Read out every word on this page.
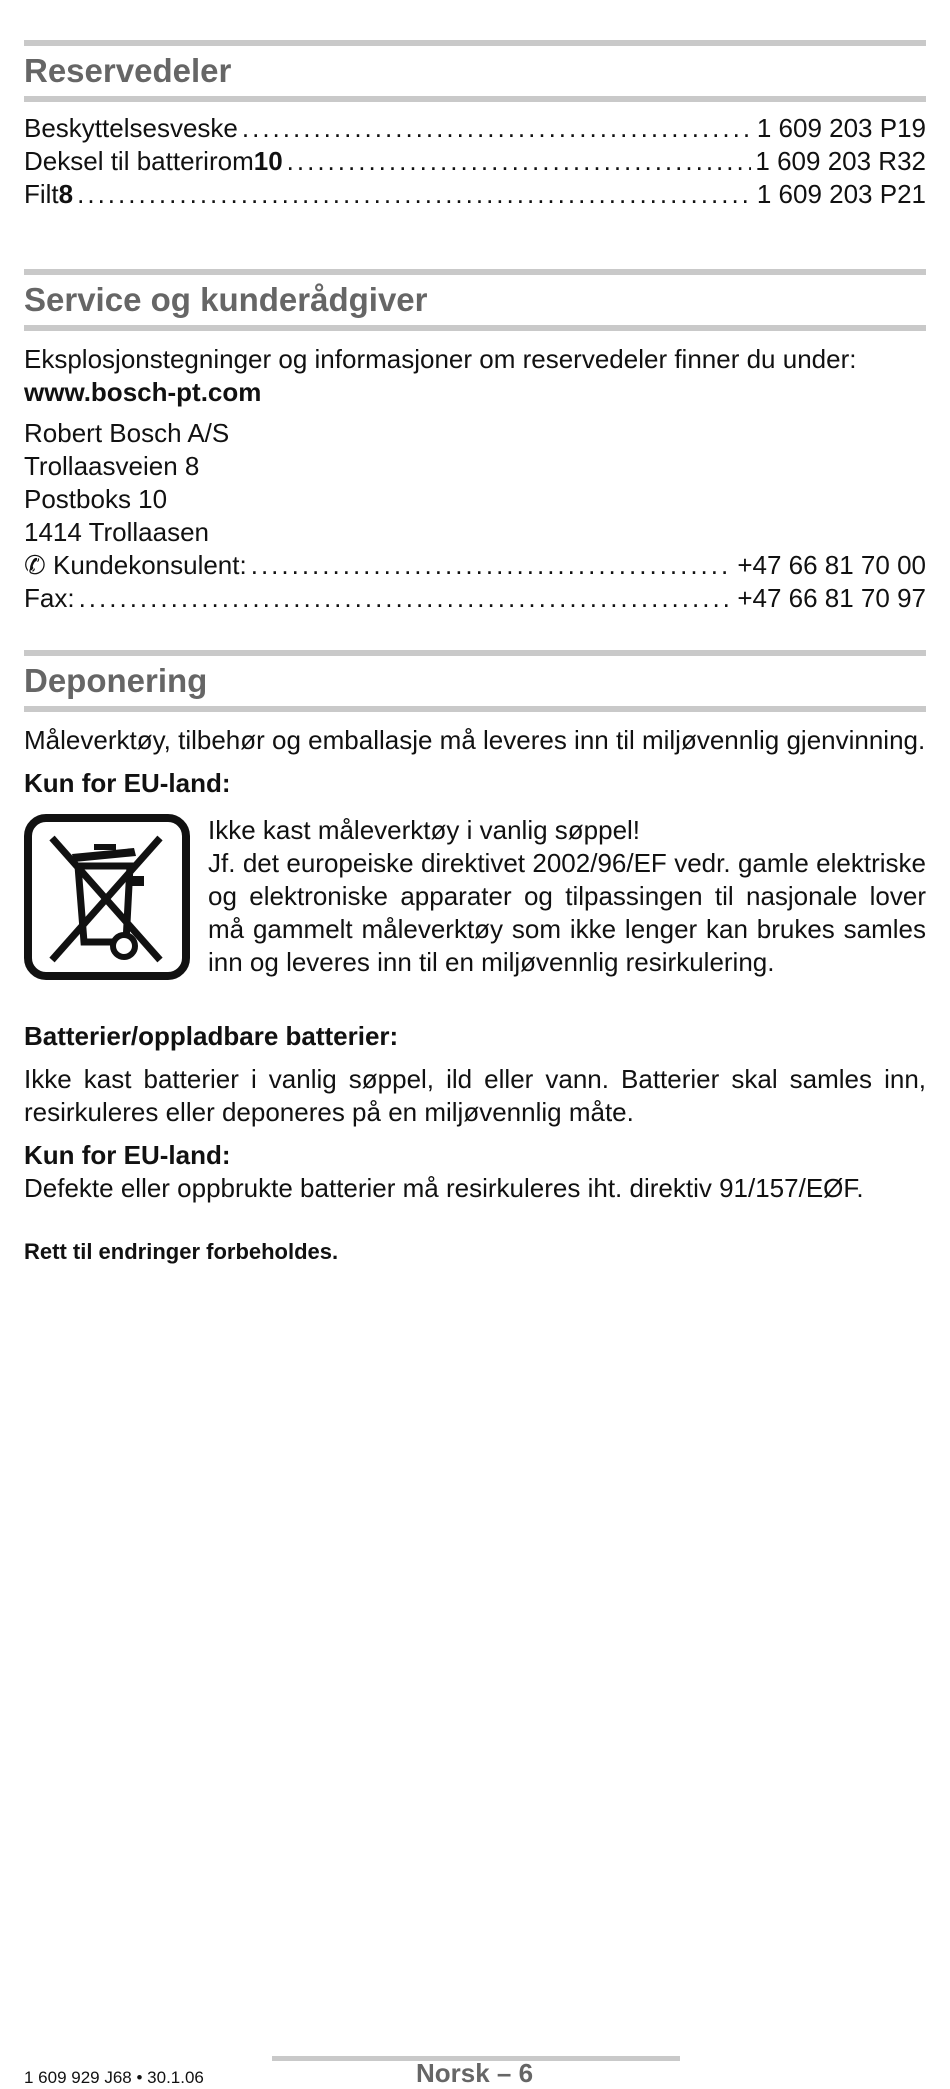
Reservedeler
Beskyttelsesveske .....	1 609 203 P19
Deksel til batterirom 10 .....	1 609 203 R32
Filt 8 .....	1 609 203 P21
Service og kunderådgiver

Eksplosjonstegninger og informasjoner om reservedeler finner du under:

www.bosch-pt.com

Robert Bosch A/S

Trollaasveien 8

Postboks 10

1414 Trollaasen

✆ Kundekonsulent: .....	+47 66 81 70 00
Fax: .....	+47 66 81 70 97
Deponering

Måleverktøy, tilbehør og emballasje må leveres inn til miljøvennlig gjenvinning.

Kun for EU-land:

Ikke kast måleverktøy i vanlig søppel!

Jf. det europeiske direktivet 2002/96/EF vedr. gamle elektriske og elektroniske apparater og tilpassingen til nasjonale lover må gammelt måleverktøy som ikke lenger kan brukes samles inn og leveres inn til en miljøvennlig resirkulering.

Batterier/oppladbare batterier:

Ikke kast batterier i vanlig søppel, ild eller vann. Batterier skal samles inn, resirkuleres eller deponeres på en miljøvennlig måte.

Kun for EU-land:

Defekte eller oppbrukte batterier må resirkuleres iht. direktiv 91/157/EØF.

Rett til endringer forbeholdes.

1 609 929 J68 • 30.1.06	Norsk – 6
